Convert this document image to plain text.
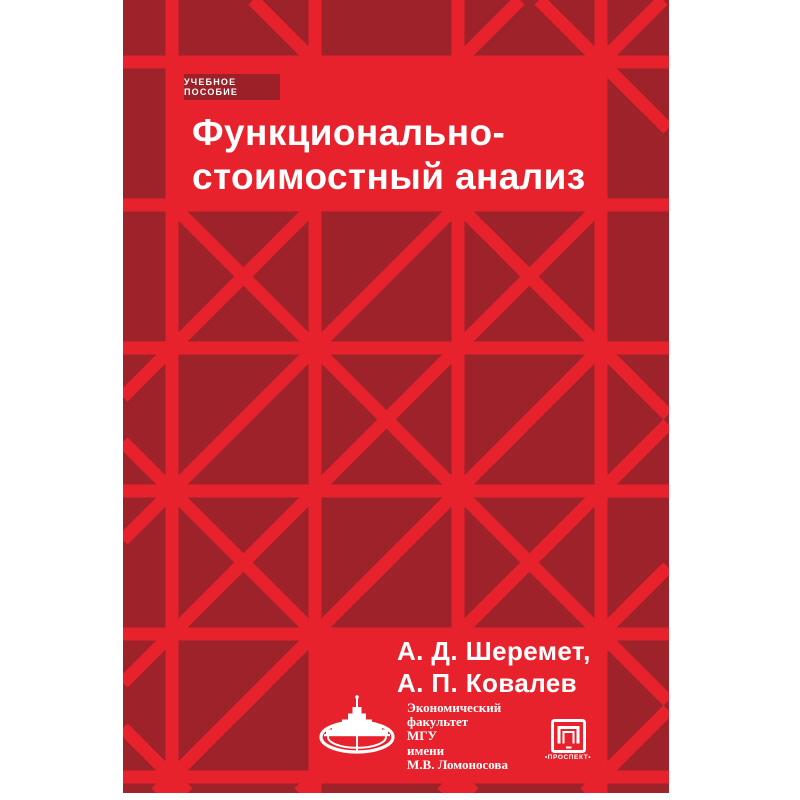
УЧЕБНОЕ ПОСОБИЕ
Функционально-
стоимостный анализ
А. Д. Шеремет,
А. П. Ковалев
Экономический
факультет
МГУ
имени
М.В. Ломоносова	•ПРОСПЕКТ•
